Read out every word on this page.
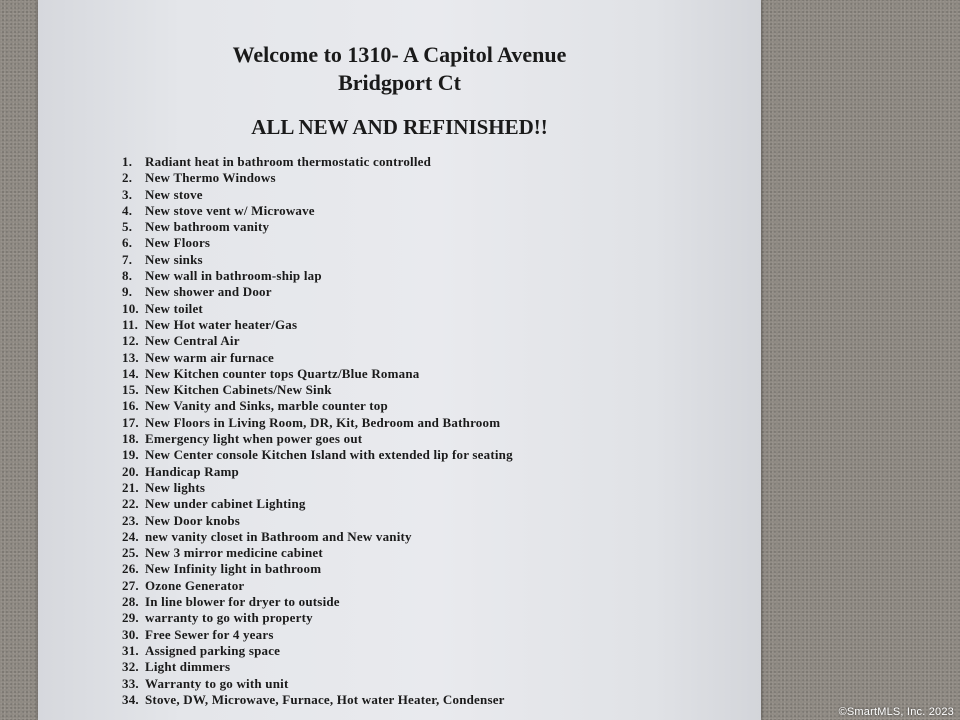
Welcome to 1310- A Capitol Avenue
Bridgport Ct
ALL NEW AND REFINISHED!!
1. Radiant heat in bathroom thermostatic controlled
2. New Thermo Windows
3. New stove
4. New stove vent w/ Microwave
5. New bathroom vanity
6. New Floors
7. New sinks
8. New wall in bathroom-ship lap
9. New shower and Door
10. New toilet
11. New Hot water heater/Gas
12. New Central Air
13. New warm air furnace
14. New Kitchen counter tops Quartz/Blue Romana
15. New Kitchen Cabinets/New Sink
16. New Vanity and Sinks, marble counter top
17. New Floors in Living Room, DR, Kit, Bedroom and Bathroom
18. Emergency light when power goes out
19. New Center console Kitchen Island with extended lip for seating
20. Handicap Ramp
21. New lights
22. New under cabinet Lighting
23. New Door knobs
24. new vanity closet in Bathroom and New vanity
25. New 3 mirror medicine cabinet
26. New Infinity light in bathroom
27. Ozone Generator
28. In line blower for dryer to outside
29. warranty to go with property
30. Free Sewer for 4 years
31. Assigned parking space
32. Light dimmers
33. Warranty to go with unit
34. Stove, DW, Microwave, Furnace, Hot water Heater, Condenser
©SmartMLS, Inc. 2023
